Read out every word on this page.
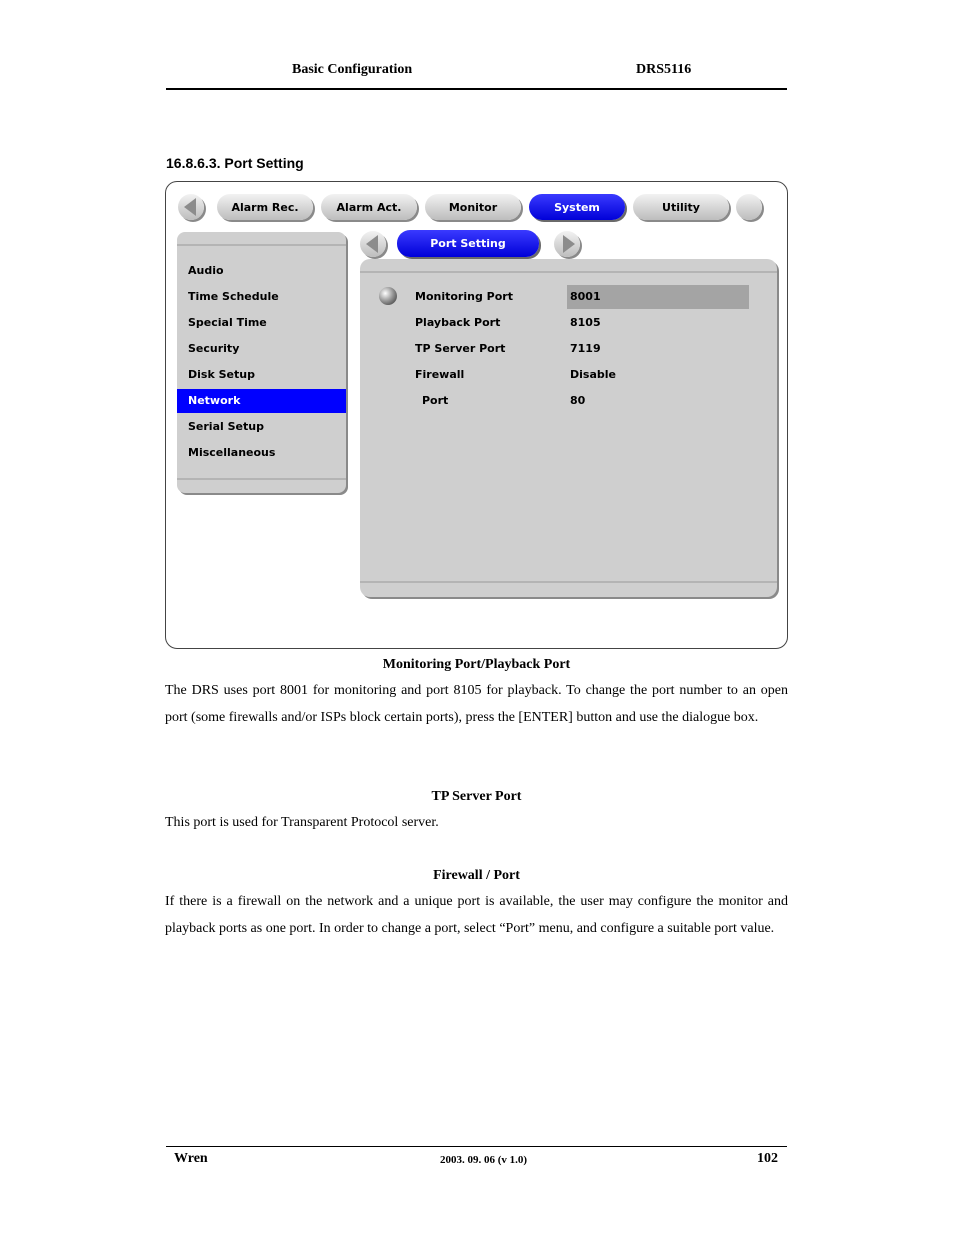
Basic Configuration	DRS5116
16.8.6.3. Port Setting
Alarm Rec.	Alarm Act.	Monitor	System	Utility
Audio
Time Schedule
Special Time
Security
Disk Setup
Network
Serial Setup
Miscellaneous
Port Setting
Monitoring Port	8001
Playback Port	8105
TP Server Port	7119
Firewall	Disable
Port	80
Monitoring Port/Playback Port
The DRS uses port 8001 for monitoring and port 8105 for playback. To change the port number to an open port (some firewalls and/or ISPs block certain ports), press the [ENTER] button and use the dialogue box.
TP Server Port
This port is used for Transparent Protocol server.
Firewall / Port
If there is a firewall on the network and a unique port is available, the user may configure the monitor and playback ports as one port. In order to change a port, select “Port” menu, and configure a suitable port value.
Wren	2003. 09. 06 (v 1.0)	102
